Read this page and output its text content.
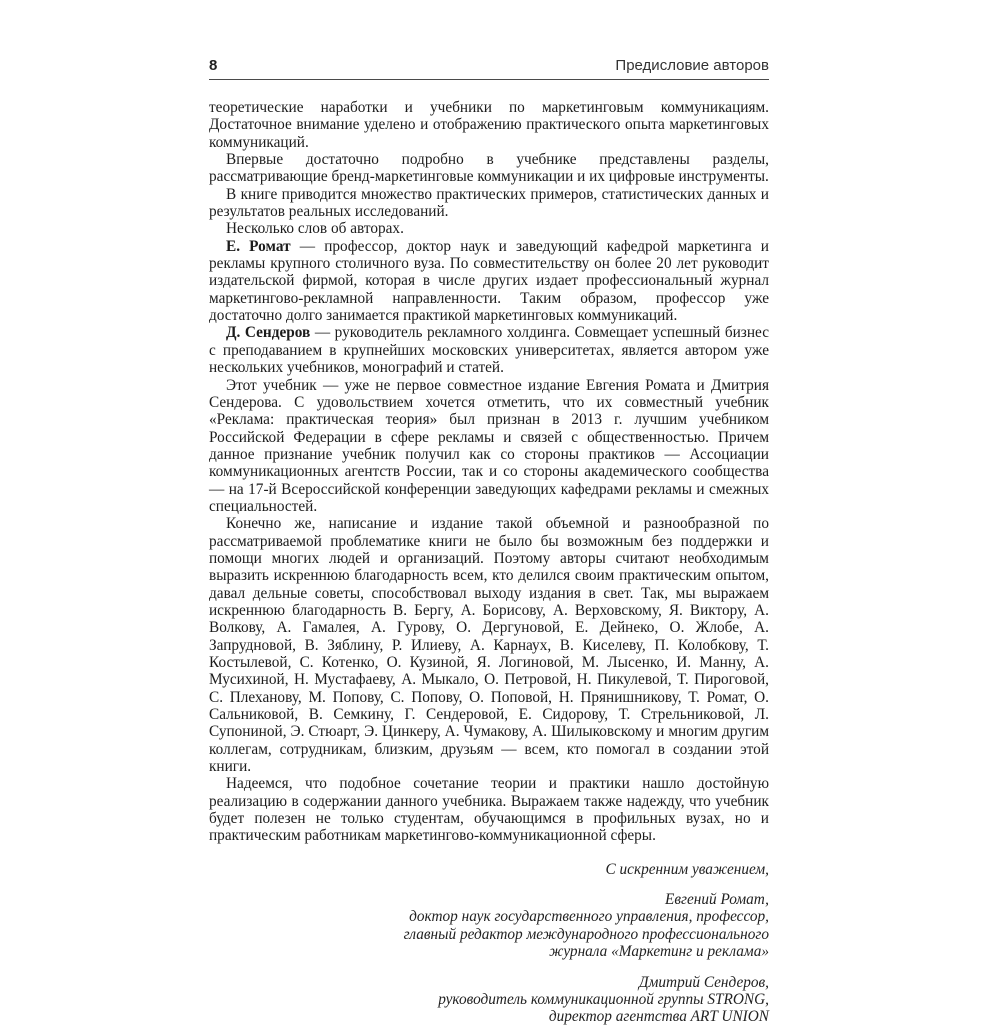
8	Предисловие авторов

теоретические наработки и учебники по маркетинговым коммуникациям. Достаточное внимание уделено и отображению практического опыта маркетинговых коммуникаций.

Впервые достаточно подробно в учебнике представлены разделы, рассматривающие бренд-маркетинговые коммуникации и их цифровые инструменты.

В книге приводится множество практических примеров, статистических данных и результатов реальных исследований.

Несколько слов об авторах.

Е. Ромат — профессор, доктор наук и заведующий кафедрой маркетинга и рекламы крупного столичного вуза. По совместительству он более 20 лет руководит издательской фирмой, которая в числе других издает профессиональный журнал маркетингово-рекламной направленности. Таким образом, профессор уже достаточно долго занимается практикой маркетинговых коммуникаций.

Д. Сендеров — руководитель рекламного холдинга. Совмещает успешный бизнес с преподаванием в крупнейших московских университетах, является автором уже нескольких учебников, монографий и статей.

Этот учебник — уже не первое совместное издание Евгения Ромата и Дмитрия Сендерова. С удовольствием хочется отметить, что их совместный учебник «Реклама: практическая теория» был признан в 2013 г. лучшим учебником Российской Федерации в сфере рекламы и связей с общественностью. Причем данное признание учебник получил как со стороны практиков — Ассоциации коммуникационных агентств России, так и со стороны академического сообщества — на 17-й Всероссийской конференции заведующих кафедрами рекламы и смежных специальностей.

Конечно же, написание и издание такой объемной и разнообразной по рассматриваемой проблематике книги не было бы возможным без поддержки и помощи многих людей и организаций. Поэтому авторы считают необходимым выразить искреннюю благодарность всем, кто делился своим практическим опытом, давал дельные советы, способствовал выходу издания в свет. Так, мы выражаем искреннюю благодарность В. Бергу, А. Борисову, А. Верховскому, Я. Виктору, А. Волкову, А. Гамалея, А. Гурову, О. Дергуновой, Е. Дейнеко, О. Жлобе, А. Запрудновой, В. Зяблину, Р. Илиеву, А. Карнаух, В. Киселеву, П. Колобкову, Т. Костылевой, С. Котенко, О. Кузиной, Я. Логиновой, М. Лысенко, И. Манну, А. Мусихиной, Н. Мустафаеву, А. Мыкало, О. Петровой, Н. Пикулевой, Т. Пироговой, С. Плеханову, М. Попову, С. Попову, О. Поповой, Н. Прянишникову, Т. Ромат, О. Сальниковой, В. Семкину, Г. Сендеровой, Е. Сидорову, Т. Стрельниковой, Л. Супониной, Э. Стюарт, Э. Цинкеру, А. Чумакову, А. Шилыковскому и многим другим коллегам, сотрудникам, близким, друзьям — всем, кто помогал в создании этой книги.

Надеемся, что подобное сочетание теории и практики нашло достойную реализацию в содержании данного учебника. Выражаем также надежду, что учебник будет полезен не только студентам, обучающимся в профильных вузах, но и практическим работникам маркетингово-коммуникационной сферы.

С искренним уважением,

Евгений Ромат,

доктор наук государственного управления, профессор,

главный редактор международного профессионального

журнала «Маркетинг и реклама»

Дмитрий Сендеров,

руководитель коммуникационной группы STRONG,

директор агентства ART UNION
